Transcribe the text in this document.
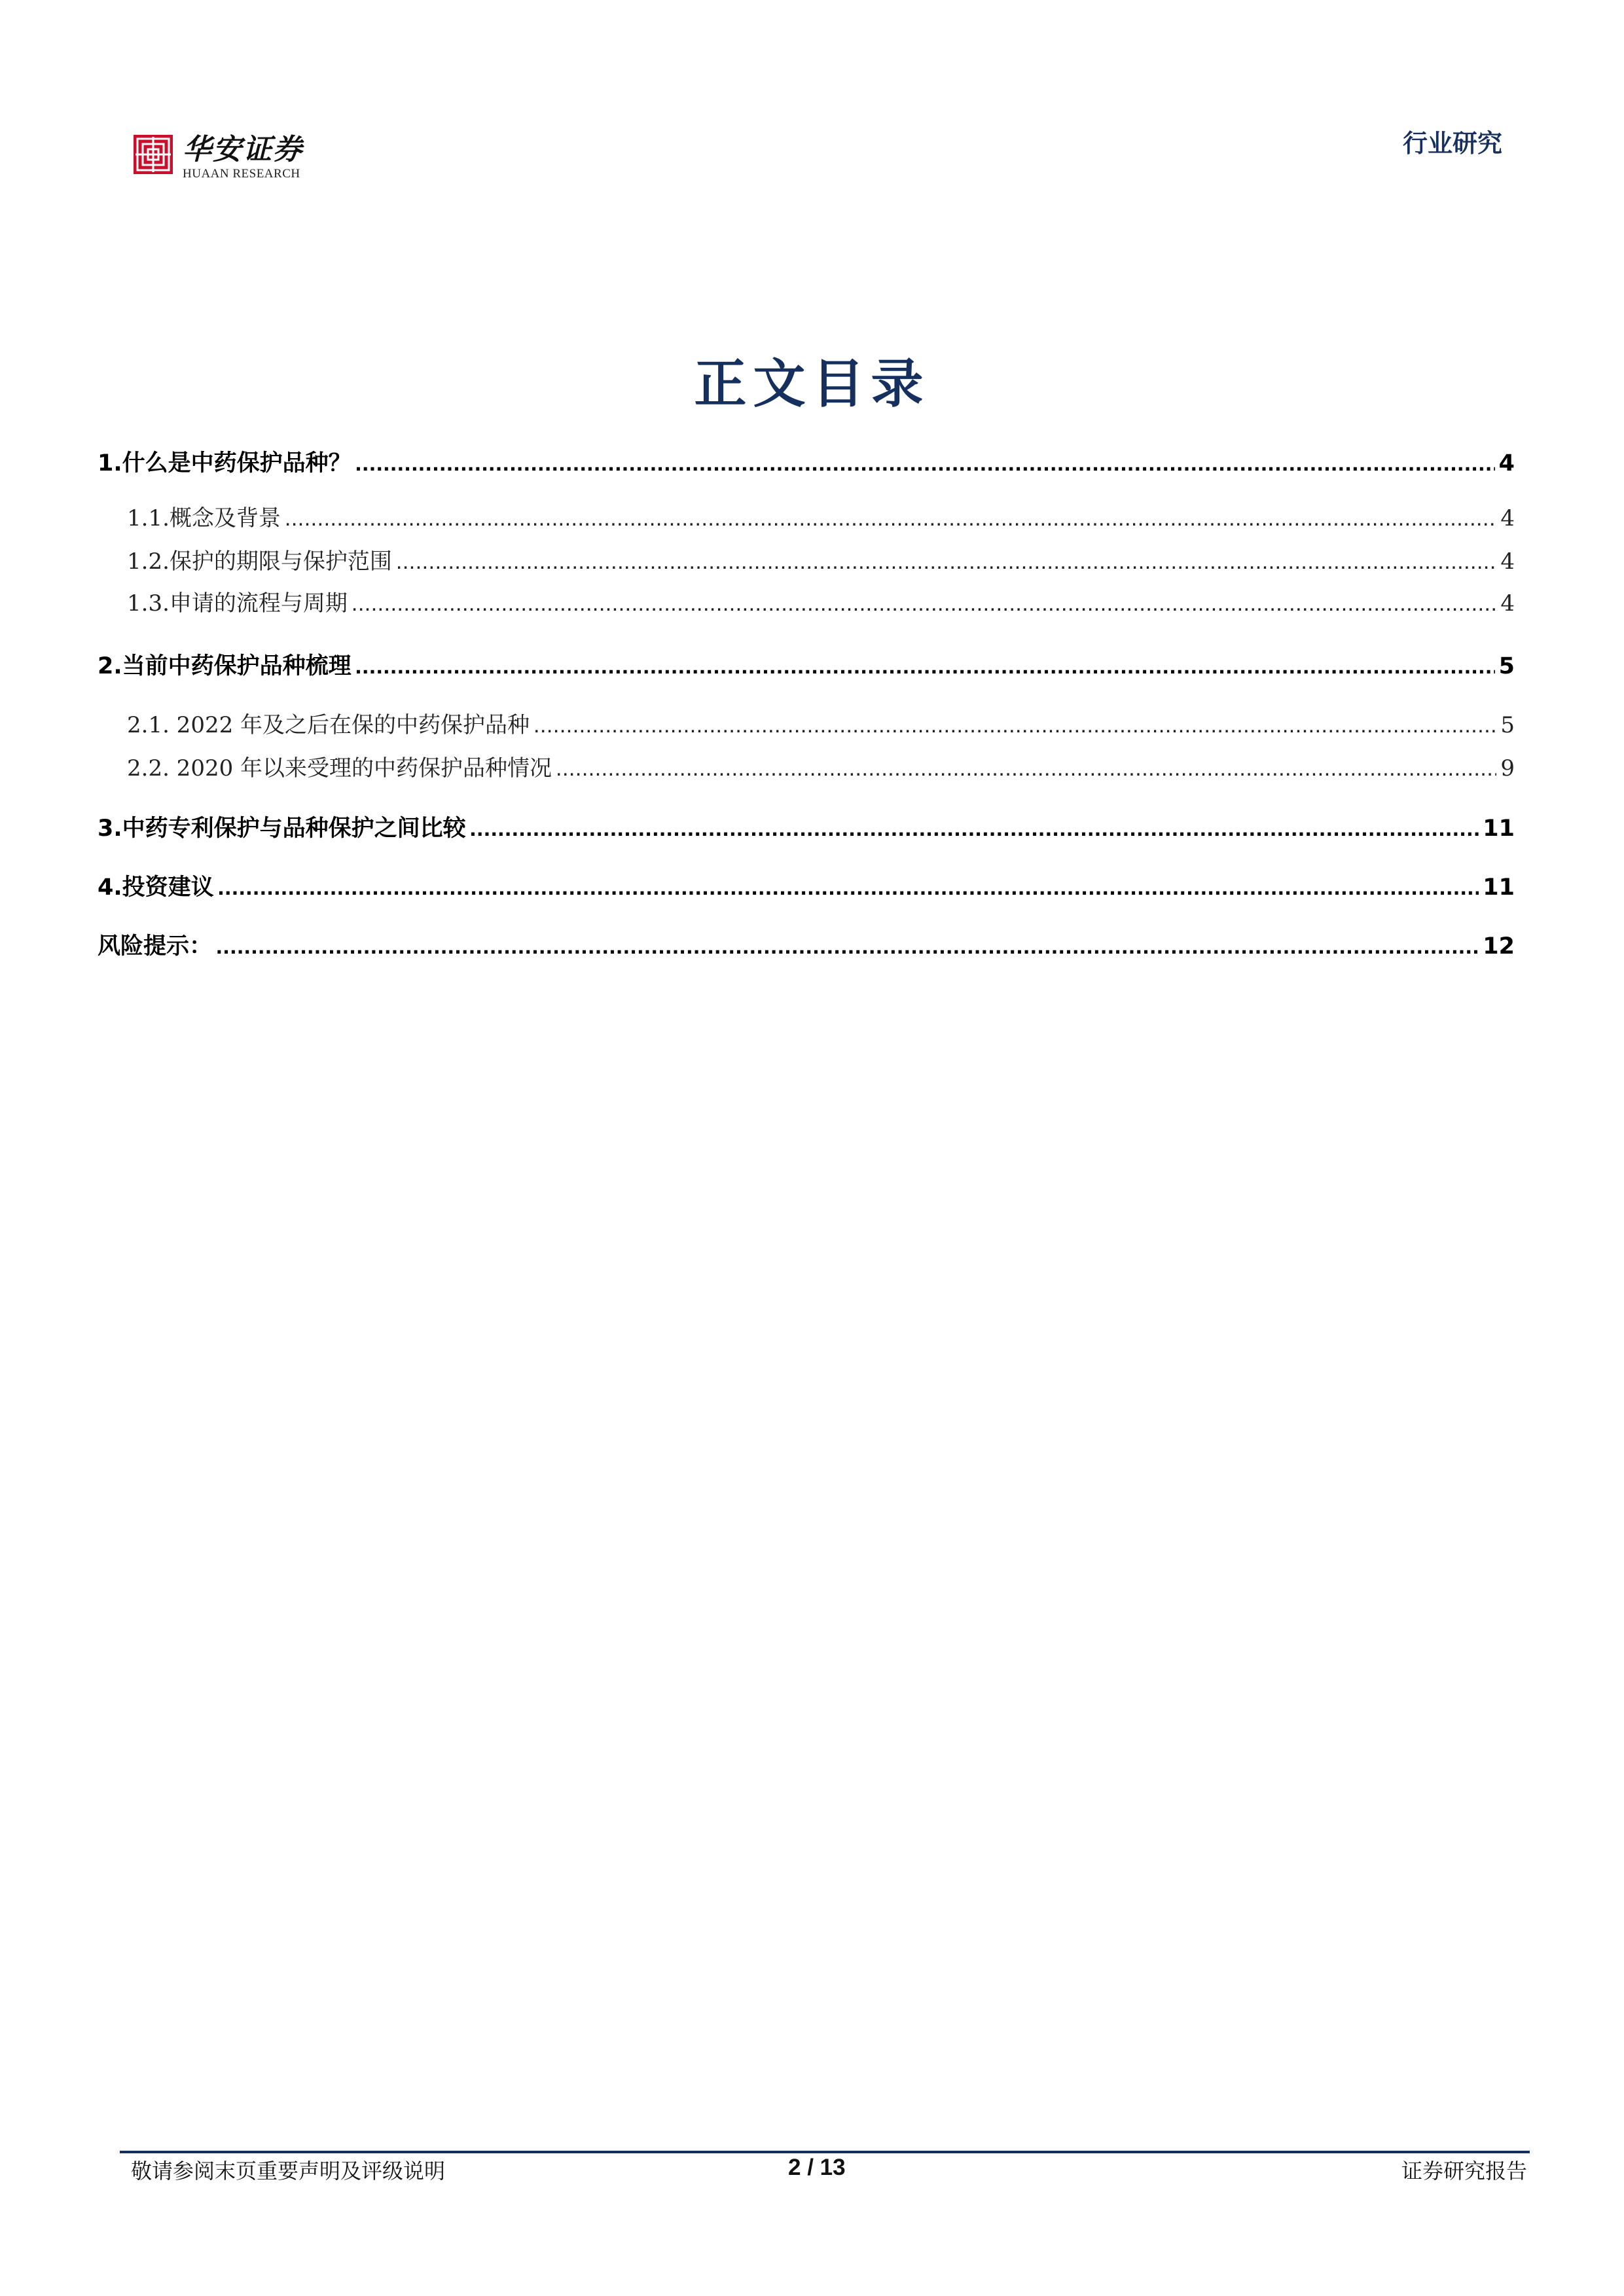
华安证券
HUAAN RESEARCH
行业研究
正文目录
1.什么是中药保护品种？ .....	4
1.1.概念及背景 .....	4
1.2.保护的期限与保护范围 .....	4
1.3.申请的流程与周期 .....	4
2.当前中药保护品种梳理 .....	5
2.1. 2022 年及之后在保的中药保护品种 .....	5
2.2. 2020 年以来受理的中药保护品种情况 .....	9
3.中药专利保护与品种保护之间比较 .....	11
4.投资建议 .....	11
风险提示： .....	12
敬请参阅末页重要声明及评级说明	2 / 13	证券研究报告
